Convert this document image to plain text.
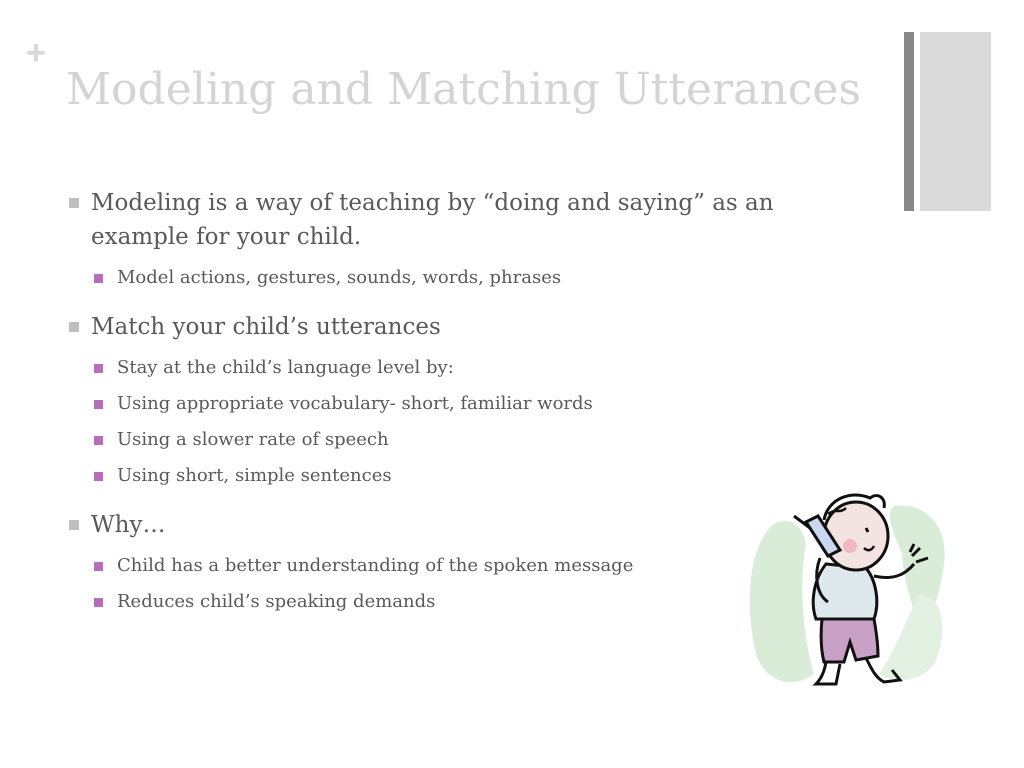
+
Modeling and Matching Utterances
Modeling is a way of teaching by “doing and saying” as an example for your child.
Model actions, gestures, sounds, words, phrases
Match your child’s utterances
Stay at the child’s language level by:
Using appropriate vocabulary- short, familiar words
Using a slower rate of speech
Using short, simple sentences
Why…
Child has a better understanding of the spoken message
Reduces child’s speaking demands
